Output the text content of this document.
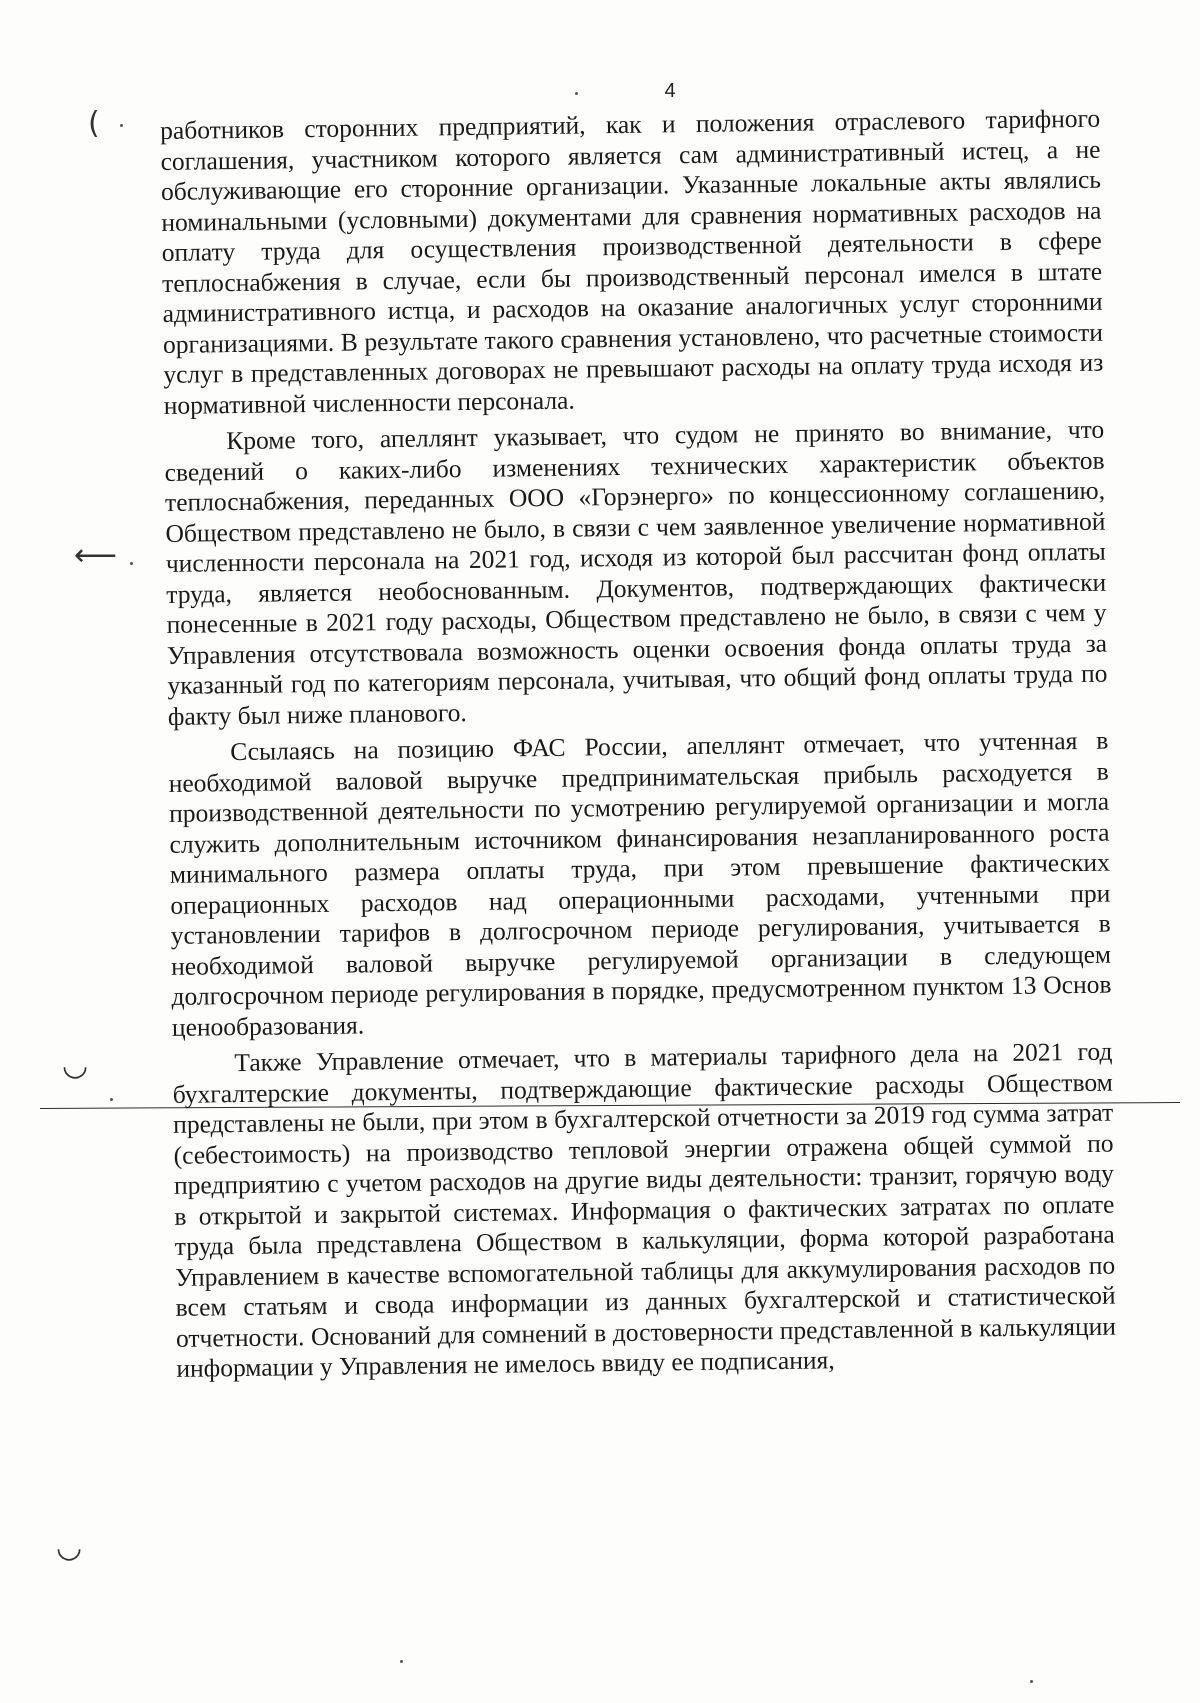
4
(
⟵
◡
◡

работников сторонних предприятий, как и положения отраслевого тарифного соглашения, участником которого является сам административный истец, а не обслуживающие его сторонние организации. Указанные локальные акты являлись номинальными (условными) документами для сравнения нормативных расходов на оплату труда для осуществления производственной деятельности в сфере теплоснабжения в случае, если бы производственный персонал имелся в штате административного истца, и расходов на оказание аналогичных услуг сторонними организациями. В результате такого сравнения установлено, что расчетные стоимости услуг в представленных договорах не превышают расходы на оплату труда исходя из нормативной численности персонала.

Кроме того, апеллянт указывает, что судом не принято во внимание, что сведений о каких-либо изменениях технических характеристик объектов теплоснабжения, переданных ООО «Горэнерго» по концессионному соглашению, Обществом представлено не было, в связи с чем заявленное увеличение нормативной численности персонала на 2021 год, исходя из которой был рассчитан фонд оплаты труда, является необоснованным. Документов, подтверждающих фактически понесенные в 2021 году расходы, Обществом представлено не было, в связи с чем у Управления отсутствовала возможность оценки освоения фонда оплаты труда за указанный год по категориям персонала, учитывая, что общий фонд оплаты труда по факту был ниже планового.

Ссылаясь на позицию ФАС России, апеллянт отмечает, что учтенная в необходимой валовой выручке предпринимательская прибыль расходуется в производственной деятельности по усмотрению регулируемой организации и могла служить дополнительным источником финансирования незапланированного роста минимального размера оплаты труда, при этом превышение фактических операционных расходов над операционными расходами, учтенными при установлении тарифов в долгосрочном периоде регулирования, учитывается в необходимой валовой выручке регулируемой организации в следующем долгосрочном периоде регулирования в порядке, предусмотренном пунктом 13 Основ ценообразования.

Также Управление отмечает, что в материалы тарифного дела на 2021 год бухгалтерские документы, подтверждающие фактические расходы Обществом представлены не были, при этом в бухгалтерской отчетности за 2019 год сумма затрат (себестоимость) на производство тепловой энергии отражена общей суммой по предприятию с учетом расходов на другие виды деятельности: транзит, горячую воду в открытой и закрытой системах. Информация о фактических затратах по оплате труда была представлена Обществом в калькуляции, форма которой разработана Управлением в качестве вспомогательной таблицы для аккумулирования расходов по всем статьям и свода информации из данных бухгалтерской и статистической отчетности. Оснований для сомнений в достоверности представленной в калькуляции информации у Управления не имелось ввиду ее подписания,
